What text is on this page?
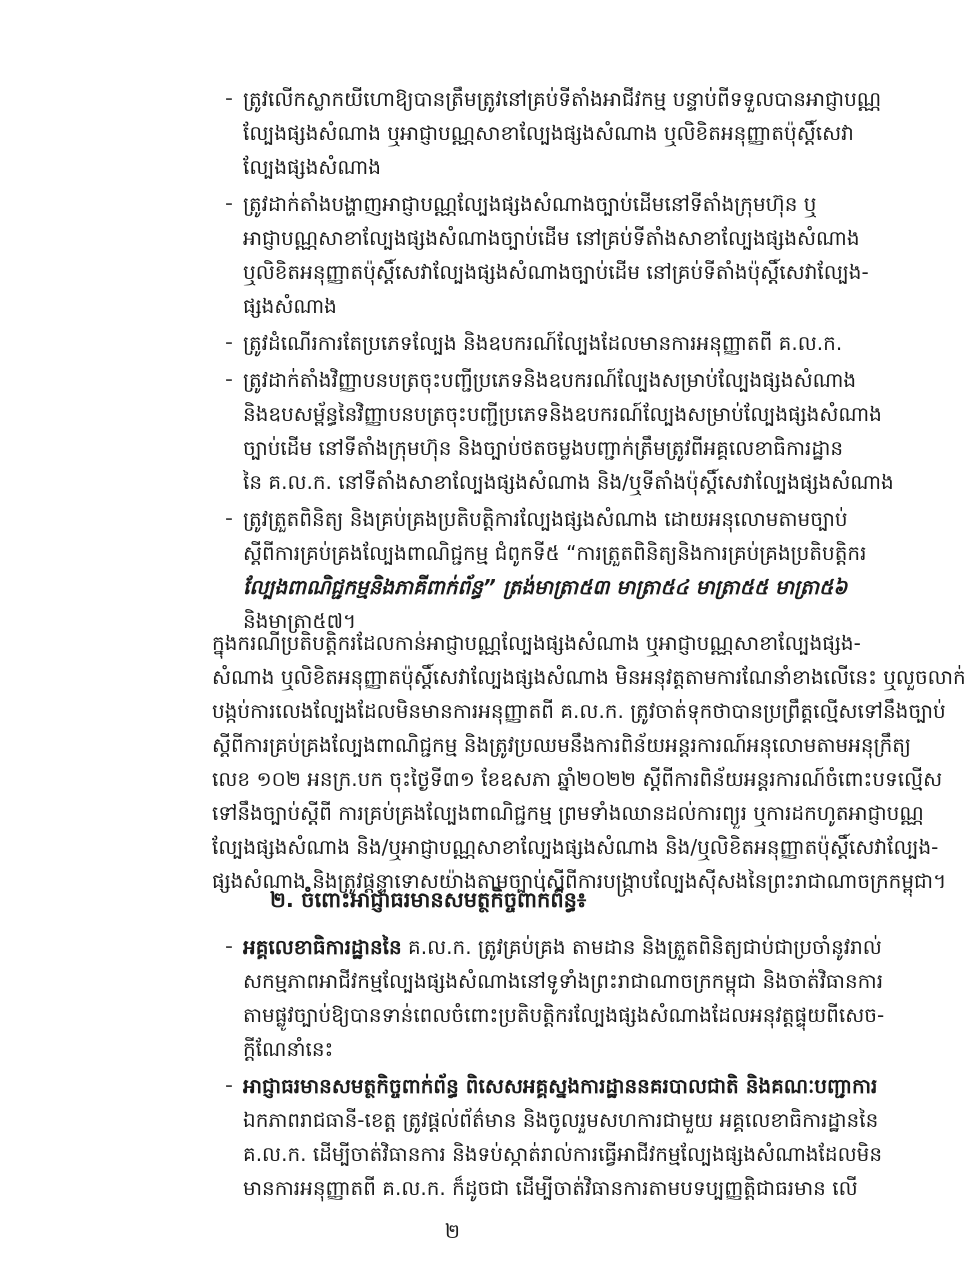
- ត្រូវលើកស្លាកយីហោឱ្យបានត្រឹមត្រូវនៅគ្រប់ទីតាំងអាជីវកម្ម បន្ទាប់ពីទទួលបានអាជ្ញាបណ្ណ
ល្បែងផ្សងសំណាង ឬអាជ្ញាបណ្ណសាខាល្បែងផ្សងសំណាង ឬលិខិតអនុញ្ញាតប៉ុស្តិ៍សេវា
ល្បែងផ្សងសំណាង
- ត្រូវដាក់តាំងបង្ហាញអាជ្ញាបណ្ណល្បែងផ្សងសំណាងច្បាប់ដើមនៅទីតាំងក្រុមហ៊ុន ឬ
អាជ្ញាបណ្ណសាខាល្បែងផ្សងសំណាងច្បាប់ដើម នៅគ្រប់ទីតាំងសាខាល្បែងផ្សងសំណាង
ឬលិខិតអនុញ្ញាតប៉ុស្តិ៍សេវាល្បែងផ្សងសំណាងច្បាប់ដើម នៅគ្រប់ទីតាំងប៉ុស្តិ៍សេវាល្បែង-
ផ្សងសំណាង
- ត្រូវដំណើរការតែប្រភេទល្បែង និងឧបករណ៍ល្បែងដែលមានការអនុញ្ញាតពី គ.ល.ក.
- ត្រូវដាក់តាំងវិញ្ញាបនបត្រចុះបញ្ជីប្រភេទនិងឧបករណ៍ល្បែងសម្រាប់ល្បែងផ្សងសំណាង
និងឧបសម្ព័ន្ធនៃវិញ្ញាបនបត្រចុះបញ្ជីប្រភេទនិងឧបករណ៍ល្បែងសម្រាប់ល្បែងផ្សងសំណាង
ច្បាប់ដើម នៅទីតាំងក្រុមហ៊ុន និងច្បាប់ថតចម្លងបញ្ជាក់ត្រឹមត្រូវពីអគ្គលេខាធិការដ្ឋាន
នៃ គ.ល.ក. នៅទីតាំងសាខាល្បែងផ្សងសំណាង និង/ឬទីតាំងប៉ុស្តិ៍សេវាល្បែងផ្សងសំណាង
- ត្រូវត្រួតពិនិត្យ និងគ្រប់គ្រងប្រតិបត្តិការល្បែងផ្សងសំណាង ដោយអនុលោមតាមច្បាប់
ស្តីពីការគ្រប់គ្រងល្បែងពាណិជ្ជកម្ម ជំពូកទី៥ “ការត្រួតពិនិត្យនិងការគ្រប់គ្រងប្រតិបត្តិករ
ល្បែងពាណិជ្ជកម្មនិងភាគីពាក់ព័ន្ធ” ត្រង់មាត្រា៥៣ មាត្រា៥៤ មាត្រា៥៥ មាត្រា៥៦
និងមាត្រា៥៧។
ក្នុងករណីប្រតិបត្តិករដែលកាន់អាជ្ញាបណ្ណល្បែងផ្សងសំណាង ឬអាជ្ញាបណ្ណសាខាល្បែងផ្សង-
សំណាង ឬលិខិតអនុញ្ញាតប៉ុស្តិ៍សេវាល្បែងផ្សងសំណាង មិនអនុវត្តតាមការណែនាំខាងលើនេះ ឬលួចលាក់
បង្កប់ការលេងល្បែងដែលមិនមានការអនុញ្ញាតពី គ.ល.ក. ត្រូវចាត់ទុកថាបានប្រព្រឹត្តល្មើសទៅនឹងច្បាប់
ស្តីពីការគ្រប់គ្រងល្បែងពាណិជ្ជកម្ម និងត្រូវប្រឈមនឹងការពិន័យអន្តរការណ៍អនុលោមតាមអនុក្រឹត្យ
លេខ ១០២ អនក្រ.បក ចុះថ្ងៃទី៣១ ខែឧសភា ឆ្នាំ២០២២ ស្តីពីការពិន័យអន្តរការណ៍ចំពោះបទល្មើស
ទៅនឹងច្បាប់ស្តីពី ការគ្រប់គ្រងល្បែងពាណិជ្ជកម្ម ព្រមទាំងឈានដល់ការព្យួរ ឬការដកហូតអាជ្ញាបណ្ណ
ល្បែងផ្សងសំណាង និង/ឬអាជ្ញាបណ្ណសាខាល្បែងផ្សងសំណាង និង/ឬលិខិតអនុញ្ញាតប៉ុស្តិ៍សេវាល្បែង-
ផ្សងសំណាង និងត្រូវផ្តន្ទាទោសយ៉ាងតាមច្បាប់ស្តីពីការបង្ក្រាបល្បែងស៊ីសងនៃព្រះរាជាណាចក្រកម្ពុជា។
២. ចំពោះអាជ្ញាធរមានសមត្ថកិច្ចពាក់ព័ន្ធ៖
- អគ្គលេខាធិការដ្ឋាននៃ គ.ល.ក. ត្រូវគ្រប់គ្រង តាមដាន និងត្រួតពិនិត្យជាប់ជាប្រចាំនូវរាល់
សកម្មភាពអាជីវកម្មល្បែងផ្សងសំណាងនៅទូទាំងព្រះរាជាណាចក្រកម្ពុជា និងចាត់វិធានការ
តាមផ្លូវច្បាប់ឱ្យបានទាន់ពេលចំពោះប្រតិបត្តិករល្បែងផ្សងសំណាងដែលអនុវត្តផ្ទុយពីសេច-
ក្តីណែនាំនេះ
- អាជ្ញាធរមានសមត្ថកិច្ចពាក់ព័ន្ធ ពិសេសអគ្គស្នងការដ្ឋាននគរបាលជាតិ និងគណៈបញ្ជាការ
ឯកភាពរាជធានី-ខេត្ត ត្រូវផ្តល់ព័ត៌មាន និងចូលរួមសហការជាមួយ អគ្គលេខាធិការដ្ឋាននៃ
គ.ល.ក. ដើម្បីចាត់វិធានការ និងទប់ស្កាត់រាល់ការធ្វើអាជីវកម្មល្បែងផ្សងសំណាងដែលមិន
មានការអនុញ្ញាតពី គ.ល.ក. ក៏ដូចជា ដើម្បីចាត់វិធានការតាមបទប្បញ្ញត្តិជាធរមាន លើ
២
